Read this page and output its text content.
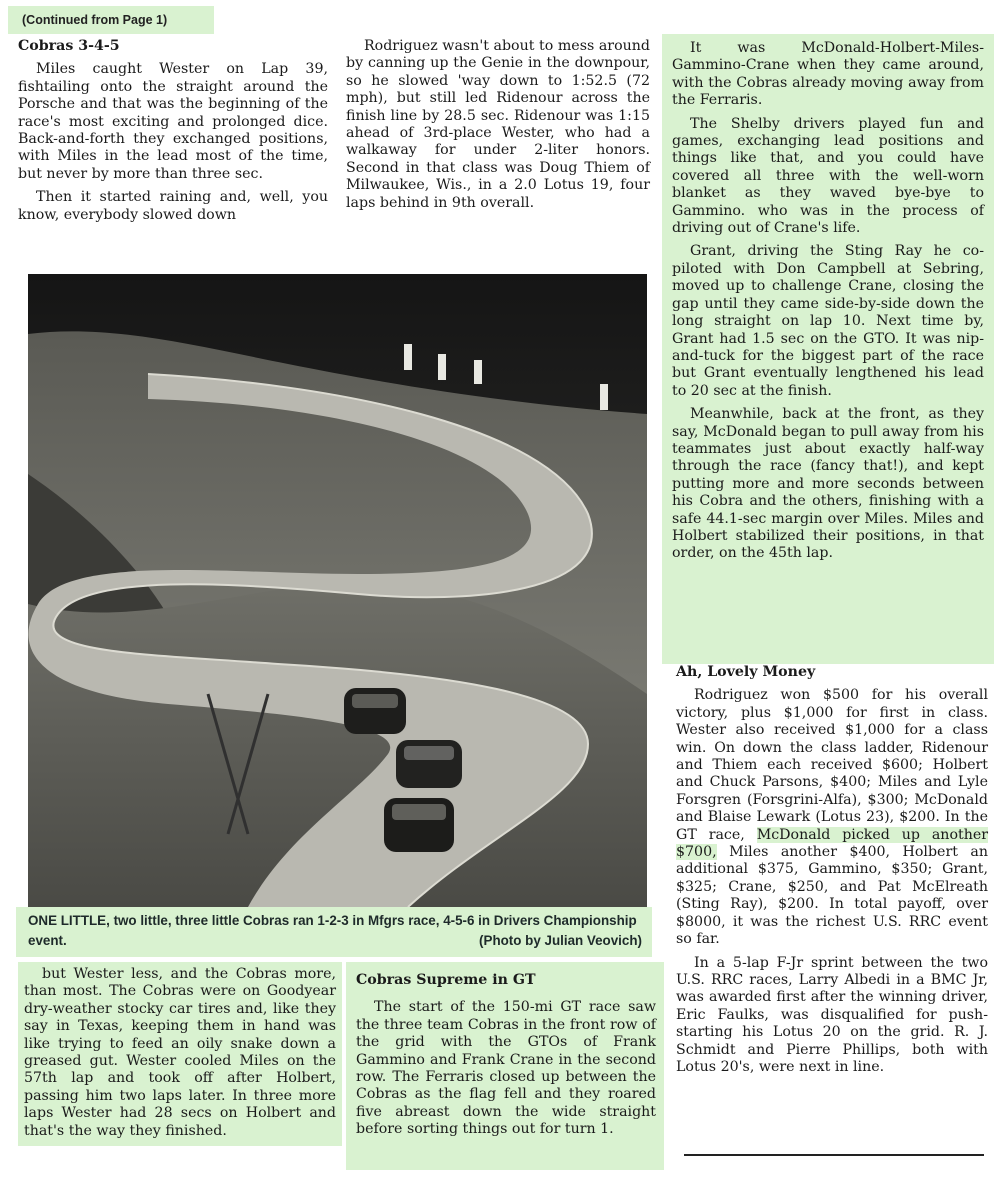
(Continued from Page 1)

Cobras 3-4-5

Miles caught Wester on Lap 39, fishtailing onto the straight around the Porsche and that was the beginning of the race's most exciting and prolonged dice. Back-and-forth they exchanged positions, with Miles in the lead most of the time, but never by more than three sec.

Then it started raining and, well, you know, everybody slowed down

Rodriguez wasn't about to mess around by canning up the Genie in the downpour, so he slowed 'way down to 1:52.5 (72 mph), but still led Ridenour across the finish line by 28.5 sec. Ridenour was 1:15 ahead of 3rd-place Wester, who had a walkaway for under 2-liter honors. Second in that class was Doug Thiem of Milwaukee, Wis., in a 2.0 Lotus 19, four laps behind in 9th overall.

It was McDonald-Holbert-Miles-Gammino-Crane when they came around, with the Cobras already moving away from the Ferraris.

The Shelby drivers played fun and games, exchanging lead positions and things like that, and you could have covered all three with the well-worn blanket as they waved bye-bye to Gammino. who was in the process of driving out of Crane's life.

Grant, driving the Sting Ray he co-piloted with Don Campbell at Sebring, moved up to challenge Crane, closing the gap until they came side-by-side down the long straight on lap 10. Next time by, Grant had 1.5 sec on the GTO. It was nip-and-tuck for the biggest part of the race but Grant eventually lengthened his lead to 20 sec at the finish.

Meanwhile, back at the front, as they say, McDonald began to pull away from his teammates just about exactly half-way through the race (fancy that!), and kept putting more and more seconds between his Cobra and the others, finishing with a safe 44.1-sec margin over Miles. Miles and Holbert stabilized their positions, in that order, on the 45th lap.

Ah, Lovely Money

Rodriguez won $500 for his overall victory, plus $1,000 for first in class. Wester also received $1,000 for a class win. On down the class ladder, Ridenour and Thiem each received $600; Holbert and Chuck Parsons, $400; Miles and Lyle Forsgren (Forsgrini-Alfa), $300; McDonald and Blaise Lewark (Lotus 23), $200. In the GT race, McDonald picked up another $700, Miles another $400, Holbert an additional $375, Gammino, $350; Grant, $325; Crane, $250, and Pat McElreath (Sting Ray), $200. In total payoff, over $8000, it was the richest U.S. RRC event so far.

In a 5-lap F-Jr sprint between the two U.S. RRC races, Larry Albedi in a BMC Jr, was awarded first after the winning driver, Eric Faulks, was disqualified for push-starting his Lotus 20 on the grid. R. J. Schmidt and Pierre Phillips, both with Lotus 20's, were next in line.

ONE LITTLE, two little, three little Cobras ran 1-2-3 in Mfgrs race, 4-5-6 in Drivers Championship event.	(Photo by Julian Veovich)

but Wester less, and the Cobras more, than most. The Cobras were on Goodyear dry-weather stocky car tires and, like they say in Texas, keeping them in hand was like trying to feed an oily snake down a greased gut. Wester cooled Miles on the 57th lap and took off after Holbert, passing him two laps later. In three more laps Wester had 28 secs on Holbert and that's the way they finished.

Cobras Supreme in GT

The start of the 150-mi GT race saw the three team Cobras in the front row of the grid with the GTOs of Frank Gammino and Frank Crane in the second row. The Ferraris closed up between the Cobras as the flag fell and they roared five abreast down the wide straight before sorting things out for turn 1.
